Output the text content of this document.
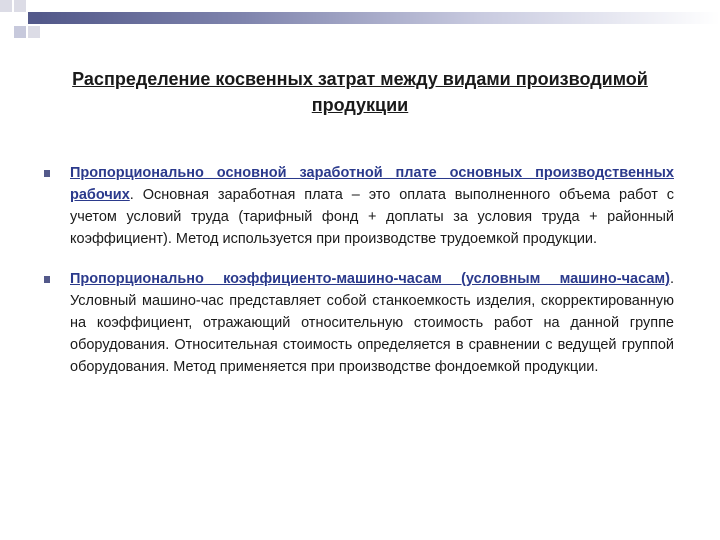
Распределение косвенных затрат между видами производимой продукции
Пропорционально основной заработной плате основных производственных рабочих. Основная заработная плата – это оплата выполненного объема работ с учетом условий труда (тарифный фонд + доплаты за условия труда + районный коэффициент). Метод используется при производстве трудоемкой продукции.
Пропорционально коэффициенто-машино-часам (условным машино-часам). Условный машино-час представляет собой станкоемкость изделия, скорректированную на коэффициент, отражающий относительную стоимость работ на данной группе оборудования. Относительная стоимость определяется в сравнении с ведущей группой оборудования. Метод применяется при производстве фондоемкой продукции.
